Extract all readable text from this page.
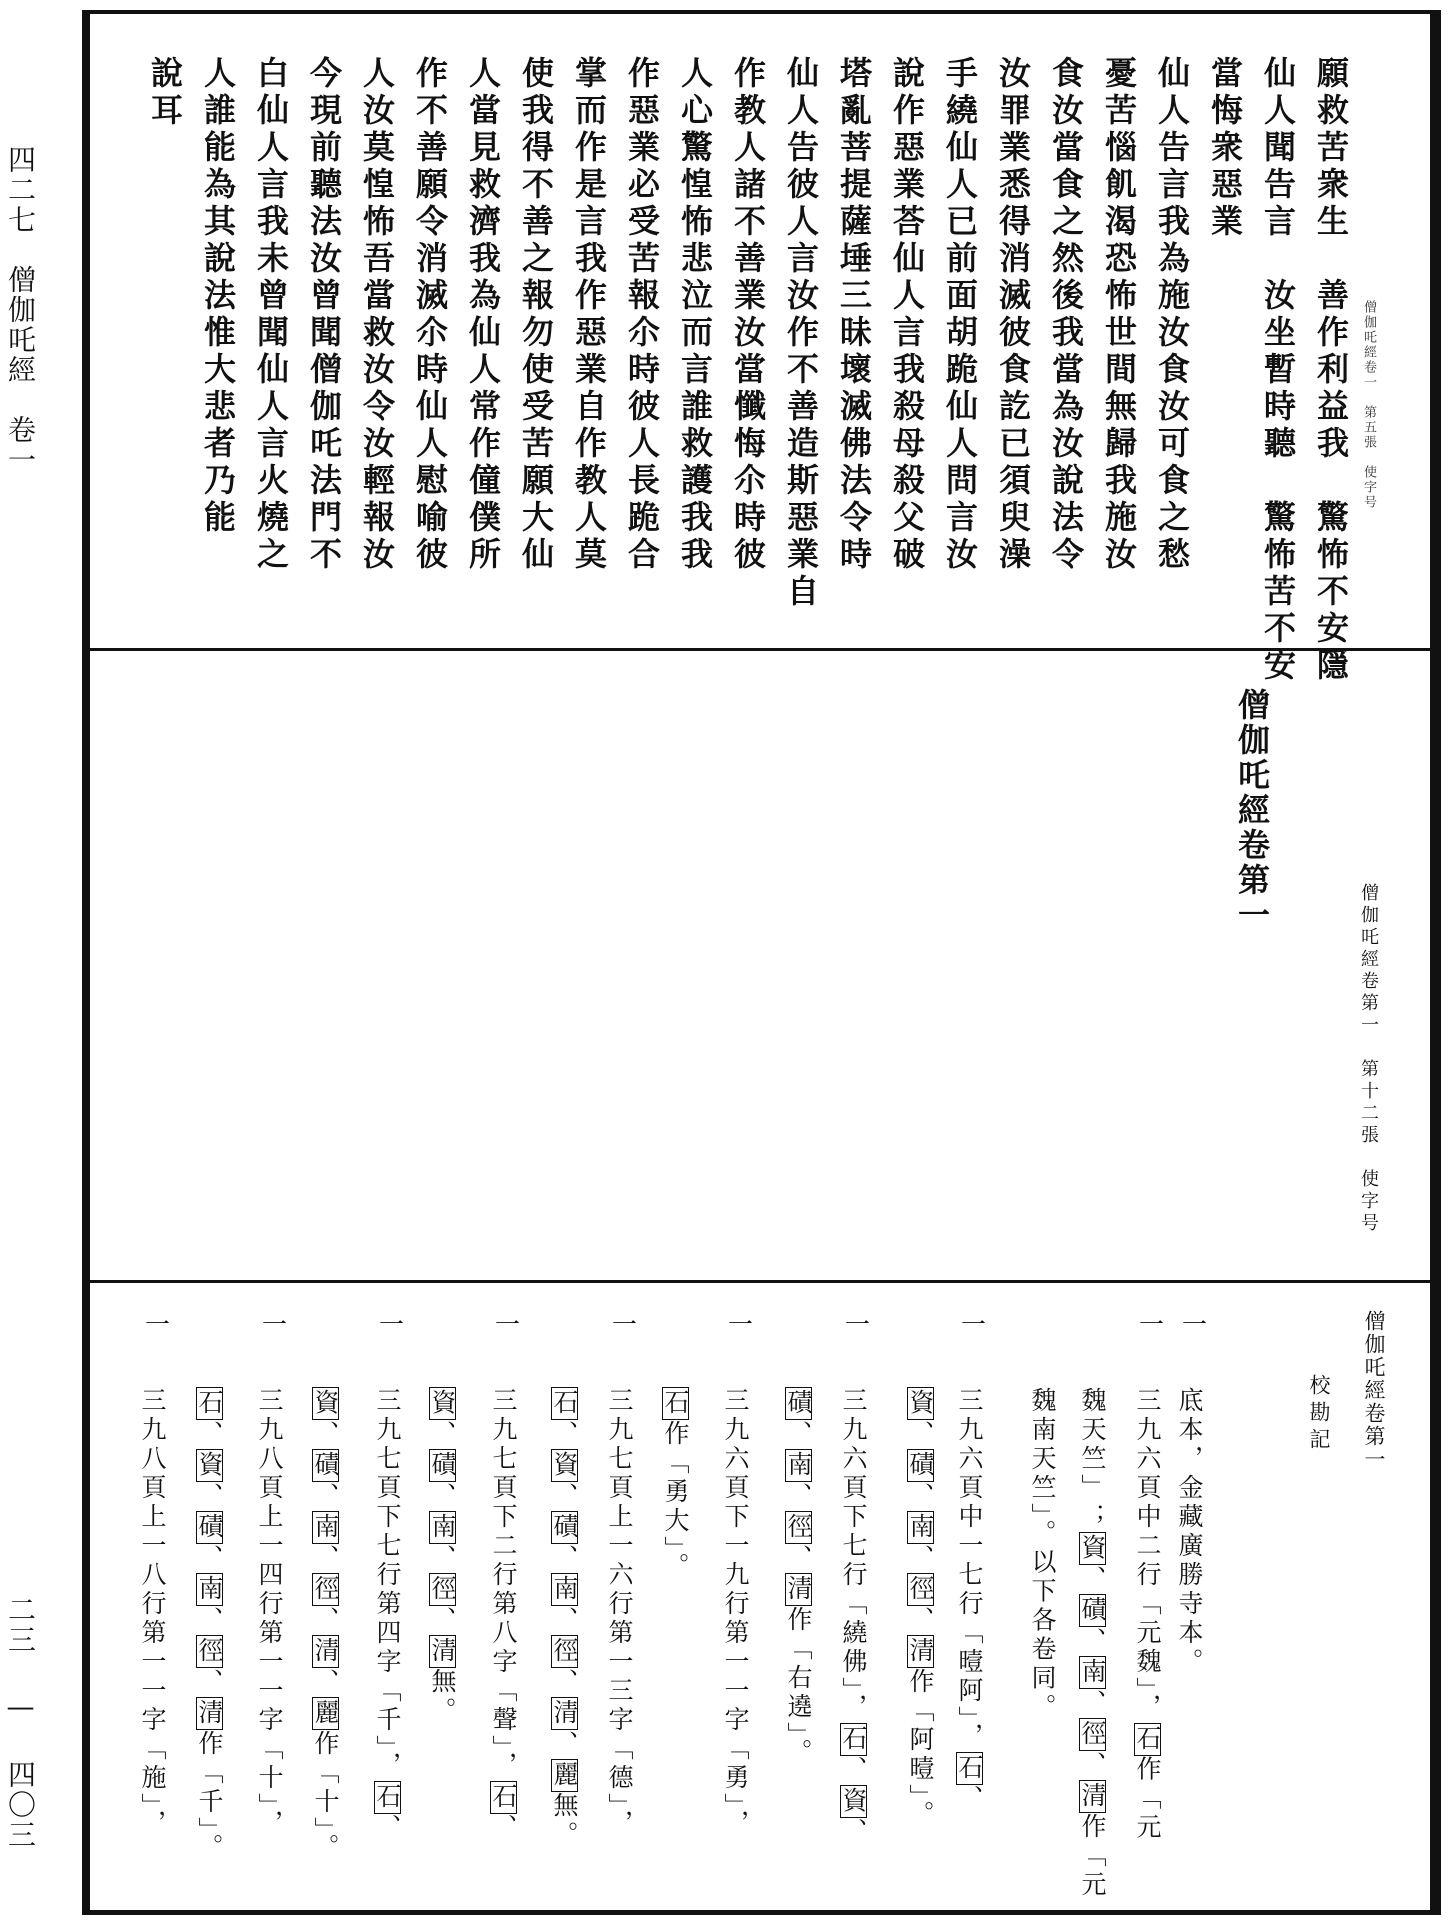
四二七　僧伽吒經　卷一
二三 — 四〇三
願救苦衆生　善作利益我　驚怖不安隱
仙人聞告言　汝坐暫時聽　驚怖苦不安
當悔衆惡業
仙人告言我為施汝食汝可食之愁
憂苦惱飢渴恐怖世間無歸我施汝
食汝當食之然後我當為汝說法令
汝罪業悉得消滅彼食訖已須臾澡
手繞仙人已前面胡跪仙人問言汝
說作惡業荅仙人言我殺母殺父破
塔亂菩提薩埵三昧壞滅佛法令時
仙人告彼人言汝作不善造斯惡業自
作教人諸不善業汝當懺悔尒時彼
人心驚惶怖悲泣而言誰救護我我
作惡業必受苦報尒時彼人長跪合
掌而作是言我作惡業自作教人莫
使我得不善之報勿使受苦願大仙
人當見救濟我為仙人常作僮僕所
作不善願令消滅尒時仙人慰喻彼
人汝莫惶怖吾當救汝令汝輕報汝
今現前聽法汝曾聞僧伽吒法門不
白仙人言我未曾聞仙人言火燒之
人誰能為其說法惟大悲者乃能
說耳
僧伽吒經卷一　第五張　使字号
僧伽吒經卷第一
僧伽吒經卷第一　第十二張　使字号
僧伽吒經卷第一
校勘記
一
底本，金藏廣勝寺本。
一
三九六頁中二行「元魏」，石作「元
魏天竺」；資、磧、南、徑、清作「元
魏南天竺」。以下各卷同。
一
三九六頁中一七行「曀阿」，石、
資、磧、南、徑、清作「阿曀」。
一
三九六頁下七行「繞佛」，石、資、
磧、南、徑、清作「右遶」。
一
三九六頁下一九行第一一字「勇」，
石作「勇大」。
一
三九七頁上一六行第一三字「德」，
石、資、磧、南、徑、清、麗無。
一
三九七頁下二行第八字「聲」，石、
資、磧、南、徑、清無。
一
三九七頁下七行第四字「千」，石、
資、磧、南、徑、清、麗作「十」。
一
三九八頁上一四行第一一字「十」，
石、資、磧、南、徑、清作「千」。
一
三九八頁上一八行第一一字「施」，
